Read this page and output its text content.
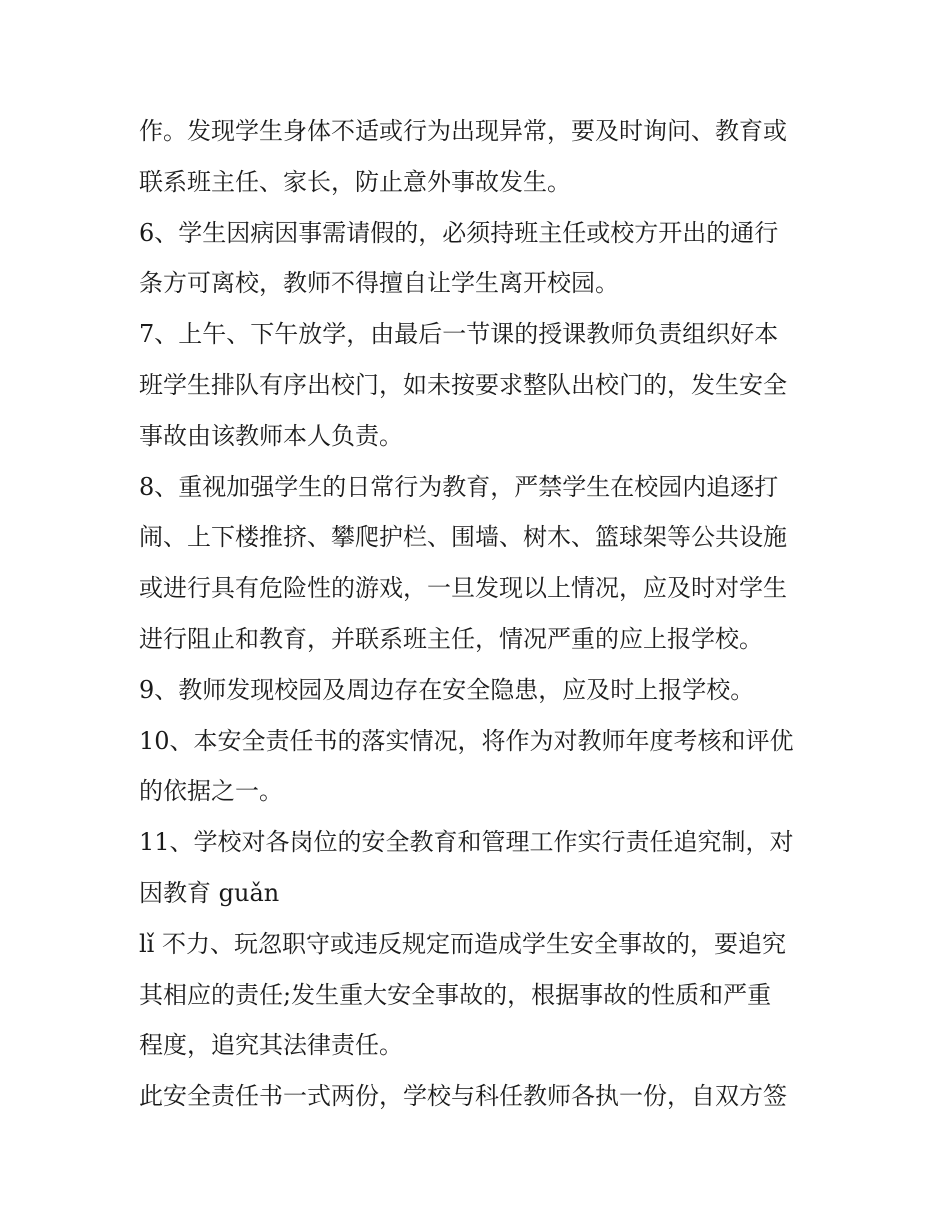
作。发现学生身体不适或行为出现异常，要及时询问、教育或
联系班主任、家长，防止意外事故发生。
6、学生因病因事需请假的，必须持班主任或校方开出的通行
条方可离校，教师不得擅自让学生离开校园。
7、上午、下午放学，由最后一节课的授课教师负责组织好本
班学生排队有序出校门，如未按要求整队出校门的，发生安全
事故由该教师本人负责。
8、重视加强学生的日常行为教育，严禁学生在校园内追逐打
闹、上下楼推挤、攀爬护栏、围墙、树木、篮球架等公共设施
或进行具有危险性的游戏，一旦发现以上情况，应及时对学生
进行阻止和教育，并联系班主任，情况严重的应上报学校。
9、教师发现校园及周边存在安全隐患，应及时上报学校。
10、本安全责任书的落实情况，将作为对教师年度考核和评优
的依据之一。
11、学校对各岗位的安全教育和管理工作实行责任追究制，对
因教育 guǎn
lǐ 不力、玩忽职守或违反规定而造成学生安全事故的，要追究
其相应的责任;发生重大安全事故的，根据事故的性质和严重
程度，追究其法律责任。
此安全责任书一式两份，学校与科任教师各执一份，自双方签
